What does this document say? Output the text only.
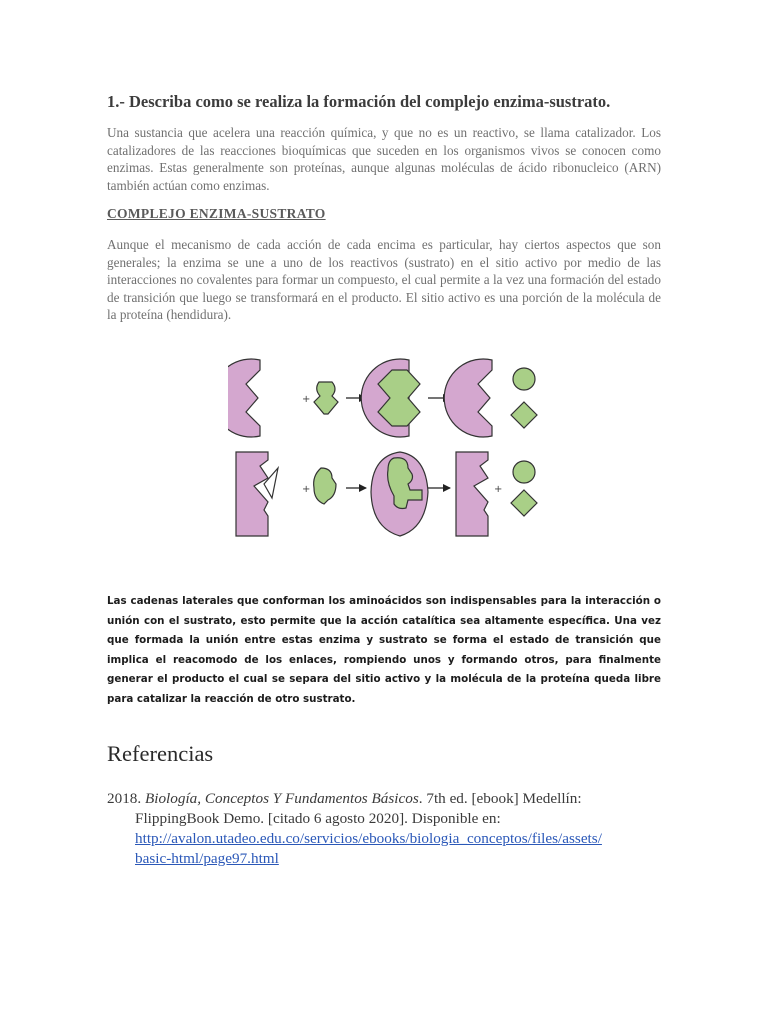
1.- Describa como se realiza la formación del complejo enzima-sustrato.

Una sustancia que acelera una reacción química, y que no es un reactivo, se llama catalizador. Los catalizadores de las reacciones bioquímicas que suceden en los organismos vivos se conocen como enzimas. Estas generalmente son proteínas, aunque algunas moléculas de ácido ribonucleico (ARN) también actúan como enzimas.

COMPLEJO ENZIMA-SUSTRATO

Aunque el mecanismo de cada acción de cada encima es particular, hay ciertos aspectos que son generales; la enzima se une a uno de los reactivos (sustrato) en el sitio activo por medio de las interacciones no covalentes para formar un compuesto, el cual permite a la vez una formación del estado de transición que luego se transformará en el producto. El sitio activo es una porción de la molécula de la proteína (hendidura).

+
+	+

Las cadenas laterales que conforman los aminoácidos son indispensables para la interacción o unión con el sustrato, esto permite que la acción catalítica sea altamente específica. Una vez que formada la unión entre estas enzima y sustrato se forma el estado de transición que implica el reacomodo de los enlaces, rompiendo unos y formando otros, para finalmente generar el producto el cual se separa del sitio activo y la molécula de la proteína queda libre para catalizar la reacción de otro sustrato.

Referencias
2018. Biología, Conceptos Y Fundamentos Básicos. 7th ed. [ebook] Medellín:
FlippingBook Demo. [citado 6 agosto 2020]. Disponible en:
http://avalon.utadeo.edu.co/servicios/ebooks/biologia_conceptos/files/assets/
basic-html/page97.html
